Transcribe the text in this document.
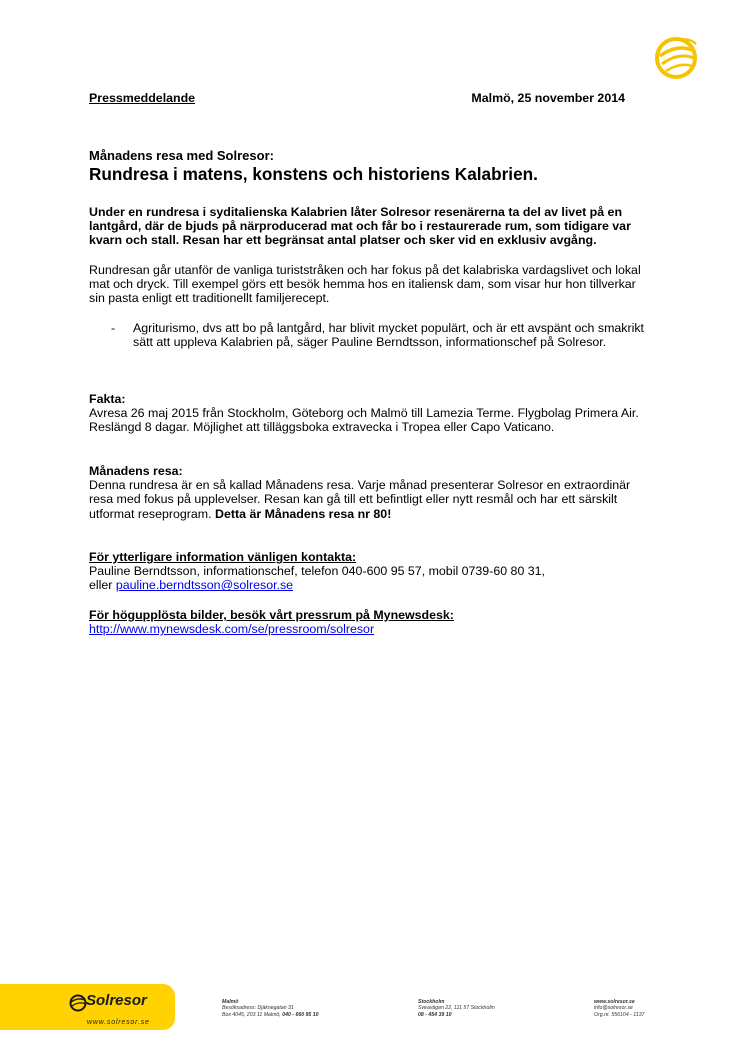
Pressmeddelande	Malmö, 25 november 2014
Månadens resa med Solresor:
Rundresa i matens, konstens och historiens Kalabrien.

Under en rundresa i syditalienska Kalabrien låter Solresor resenärerna ta del av livet på en

lantgård, där de bjuds på närproducerad mat och får bo i restaurerade rum, som tidigare var

kvarn och stall. Resan har ett begränsat antal platser och sker vid en exklusiv avgång.

Rundresan går utanför de vanliga turiststråken och har fokus på det kalabriska vardagslivet och lokal

mat och dryck. Till exempel görs ett besök hemma hos en italiensk dam, som visar hur hon tillverkar

sin pasta enligt ett traditionellt familjerecept.

- Agriturismo, dvs att bo på lantgård, har blivit mycket populärt, och är ett avspänt och smakrikt

sätt att uppleva Kalabrien på, säger Pauline Berndtsson, informationschef på Solresor.

Fakta:

Avresa 26 maj 2015 från Stockholm, Göteborg och Malmö till Lamezia Terme. Flygbolag Primera Air.

Reslängd 8 dagar. Möjlighet att tilläggsboka extravecka i Tropea eller Capo Vaticano.

Månadens resa:

Denna rundresa är en så kallad Månadens resa. Varje månad presenterar Solresor en extraordinär

resa med fokus på upplevelser. Resan kan gå till ett befintligt eller nytt resmål och har ett särskilt

utformat reseprogram. Detta är Månadens resa nr 80!

För ytterligare information vänligen kontakta:

Pauline Berndtsson, informationschef, telefon 040-600 95 57, mobil 0739-60 80 31,

eller pauline.berndtsson@solresor.se

För högupplösta bilder, besök vårt pressrum på Mynewsdesk:

http://www.mynewsdesk.com/se/pressroom/solresor

Solresor
www.solresor.se
Malmö
Besöksadress: Djäknegatan 31
Box 4045, 203 11 Malmö, 040 - 660 95 10
Stockholm
Sveavägen 22, 111 57 Stockholm
08 - 454 39 10
www.solresor.se
info@solresor.se
Org.nr. 556104 - 1137
